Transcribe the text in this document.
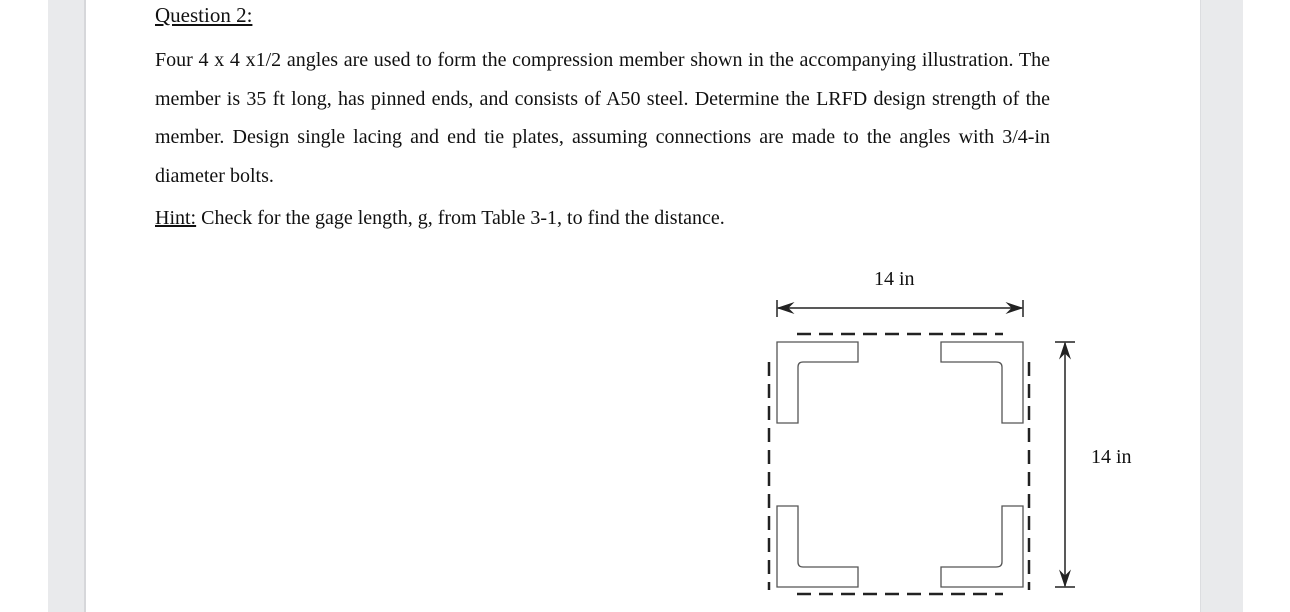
Question 2:
Four 4 x 4 x1/2 angles are used to form the compression member shown in the accompanying illustration. The member is 35 ft long, has pinned ends, and consists of A50 steel. Determine the LRFD design strength of the member. Design single lacing and end tie plates, assuming connections are made to the angles with 3/4-in diameter bolts.
Hint: Check for the gage length, g, from Table 3-1, to find the distance.
14 in
14 in
